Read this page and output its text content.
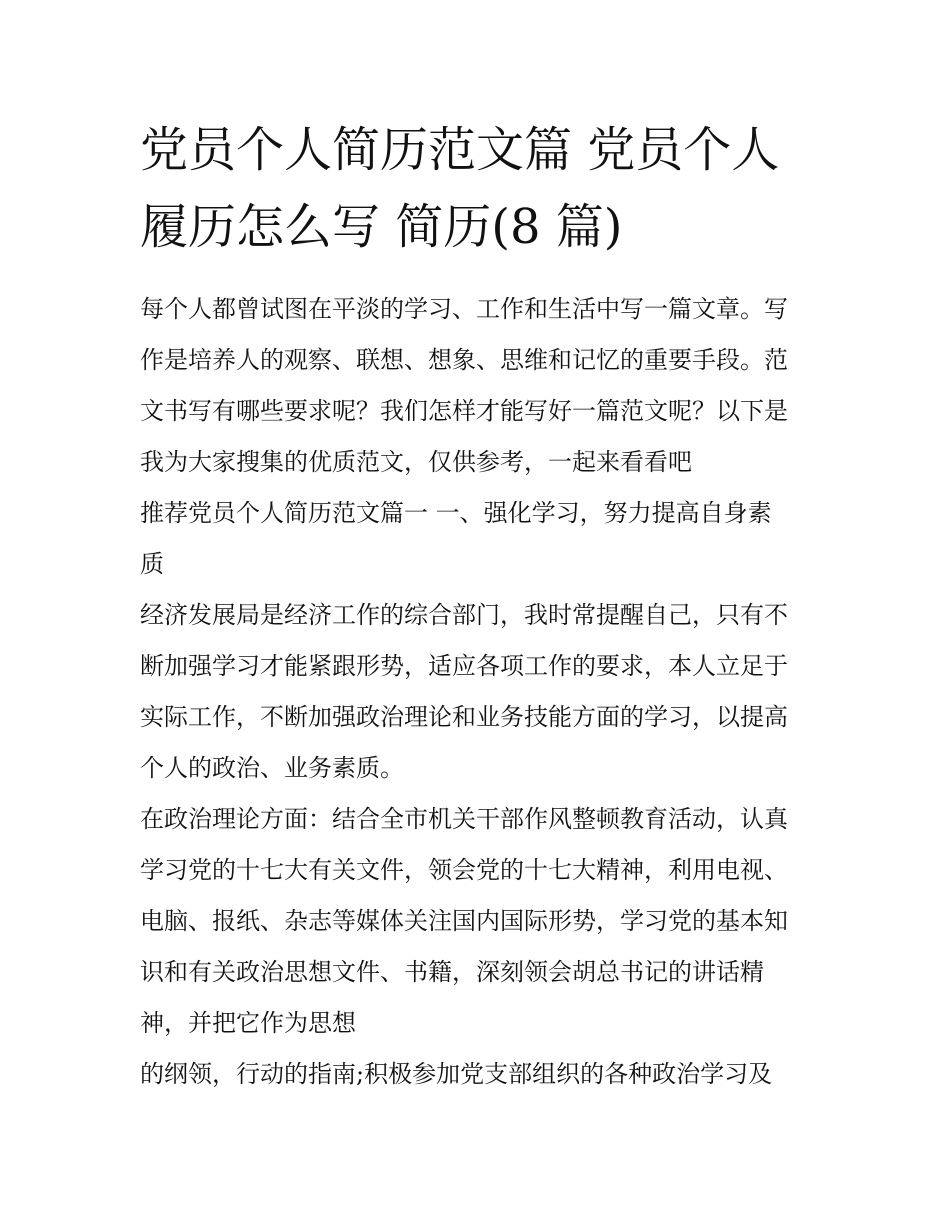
党员个人简历范文篇 党员个人
履历怎么写 简历(8 篇)

每个人都曾试图在平淡的学习、工作和生活中写一篇文章。写
作是培养人的观察、联想、想象、思维和记忆的重要手段。范
文书写有哪些要求呢？我们怎样才能写好一篇范文呢？以下是
我为大家搜集的优质范文，仅供参考，一起来看看吧

推荐党员个人简历范文篇一 一、强化学习，努力提高自身素
质

经济发展局是经济工作的综合部门，我时常提醒自己，只有不
断加强学习才能紧跟形势，适应各项工作的要求，本人立足于
实际工作，不断加强政治理论和业务技能方面的学习，以提高
个人的政治、业务素质。

在政治理论方面：结合全市机关干部作风整顿教育活动，认真
学习党的十七大有关文件，领会党的十七大精神，利用电视、
电脑、报纸、杂志等媒体关注国内国际形势，学习党的基本知
识和有关政治思想文件、书籍，深刻领会胡总书记的讲话精
神，并把它作为思想

的纲领，行动的指南;积极参加党支部组织的各种政治学习及
